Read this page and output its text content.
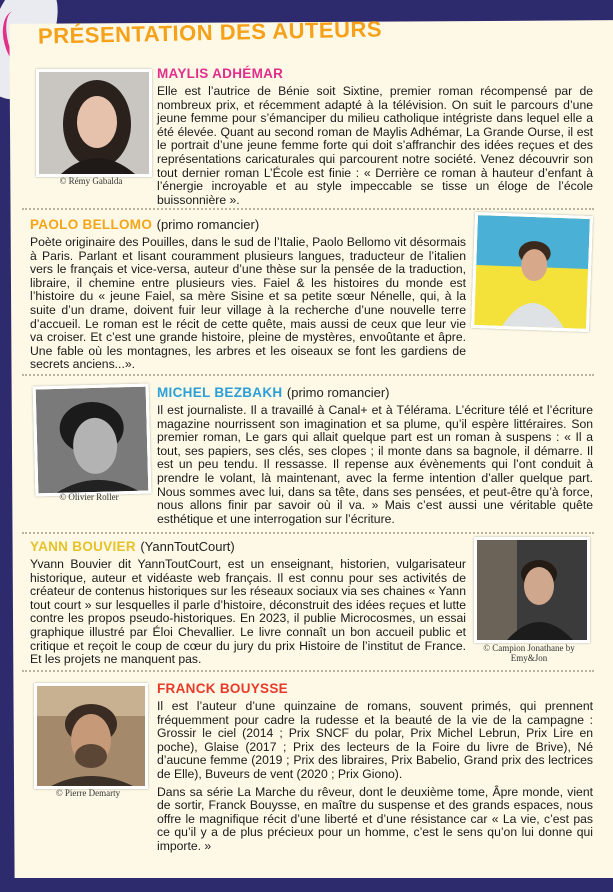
PRÉSENTATION DES AUTEURS
© Rémy Gabalda
MAYLIS ADHÉMAR

Elle est l’autrice de Bénie soit Sixtine, premier roman récompensé par de nombreux prix, et récemment adapté à la télévision. On suit le parcours d’une jeune femme pour s’émanciper du milieu catholique intégriste dans lequel elle a été élevée. Quant au second roman de Maylis Adhémar, La Grande Ourse, il est le portrait d’une jeune femme forte qui doit s’affranchir des idées reçues et des représentations caricaturales qui parcourent notre société. Venez découvrir son tout dernier roman L’École est finie : « Derrière ce roman à hauteur d’enfant à l’énergie incroyable et au style impeccable se tisse un éloge de l’école buissonnière ».

PAOLO BELLOMO (primo romancier)

Poète originaire des Pouilles, dans le sud de l’Italie, Paolo Bellomo vit désormais à Paris. Parlant et lisant couramment plusieurs langues, traducteur de l’italien vers le français et vice-versa, auteur d’une thèse sur la pensée de la traduction, libraire, il chemine entre plusieurs vies. Faiel & les histoires du monde est l’histoire du « jeune Faiel, sa mère Sisine et sa petite sœur Nénelle, qui, à la suite d’un drame, doivent fuir leur village à la recherche d’une nouvelle terre d’accueil. Le roman est le récit de cette quête, mais aussi de ceux que leur vie va croiser. Et c’est une grande histoire, pleine de mystères, envoûtante et âpre. Une fable où les montagnes, les arbres et les oiseaux se font les gardiens de secrets anciens...».

© Olivier Roller
MICHEL BEZBAKH (primo romancier)

Il est journaliste. Il a travaillé à Canal+ et à Télérama. L’écriture télé et l’écriture magazine nourrissent son imagination et sa plume, qu’il espère littéraires. Son premier roman, Le gars qui allait quelque part est un roman à suspens : « Il a tout, ses papiers, ses clés, ses clopes ; il monte dans sa bagnole, il démarre. Il est un peu tendu. Il ressasse. Il repense aux évènements qui l’ont conduit à prendre le volant, là maintenant, avec la ferme intention d’aller quelque part. Nous sommes avec lui, dans sa tête, dans ses pensées, et peut-être qu’à force, nous allons finir par savoir où il va. » Mais c’est aussi une véritable quête esthétique et une interrogation sur l’écriture.

YANN BOUVIER (YannToutCourt)

Yvann Bouvier dit YannToutCourt, est un enseignant, historien, vulgarisateur historique, auteur et vidéaste web français. Il est connu pour ses activités de créateur de contenus historiques sur les réseaux sociaux via ses chaines « Yann tout court » sur lesquelles il parle d’histoire, déconstruit des idées reçues et lutte contre les propos pseudo-historiques. En 2023, il publie Microcosmes, un essai graphique illustré par Éloi Chevallier. Le livre connaît un bon accueil public et critique et reçoit le coup de cœur du jury du prix Histoire de l’institut de France. Et les projets ne manquent pas.

© Campion Jonathane by Emy&Jon
© Pierre Demarty
FRANCK BOUYSSE

Il est l’auteur d’une quinzaine de romans, souvent primés, qui prennent fréquemment pour cadre la rudesse et la beauté de la vie de la campagne : Grossir le ciel (2014 ; Prix SNCF du polar, Prix Michel Lebrun, Prix Lire en poche), Glaise (2017 ; Prix des lecteurs de la Foire du livre de Brive), Né d’aucune femme (2019 ; Prix des libraires, Prix Babelio, Grand prix des lectrices de Elle), Buveurs de vent (2020 ; Prix Giono).

Dans sa série La Marche du rêveur, dont le deuxième tome, Âpre monde, vient de sortir, Franck Bouysse, en maître du suspense et des grands espaces, nous offre le magnifique récit d’une liberté et d’une résistance car « La vie, c’est pas ce qu’il y a de plus précieux pour un homme, c’est le sens qu’on lui donne qui importe. »
